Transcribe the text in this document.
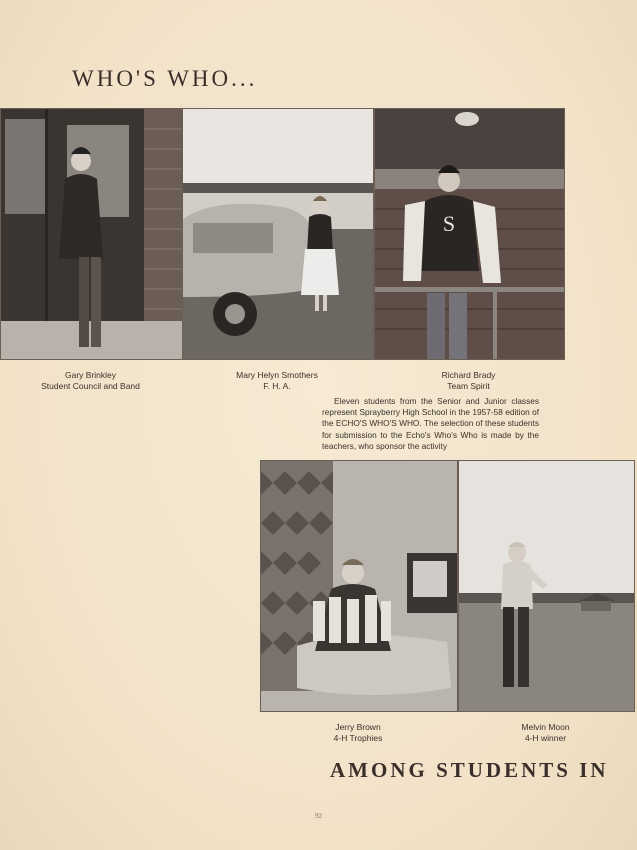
WHO'S WHO...
S
Gary Brinkley
Student Council and Band
Mary Helyn Smothers
F. H. A.
Richard Brady
Team Spirit

Eleven students from the Senior and Junior classes represent Sprayberry High School in the 1957-58 edition of the ECHO'S WHO'S WHO. The selection of these students for submission to the Echo's Who's Who is made by the teachers, who sponsor the activity

Jerry Brown
4-H Trophies
Melvin Moon
4-H winner
AMONG STUDENTS IN
92
